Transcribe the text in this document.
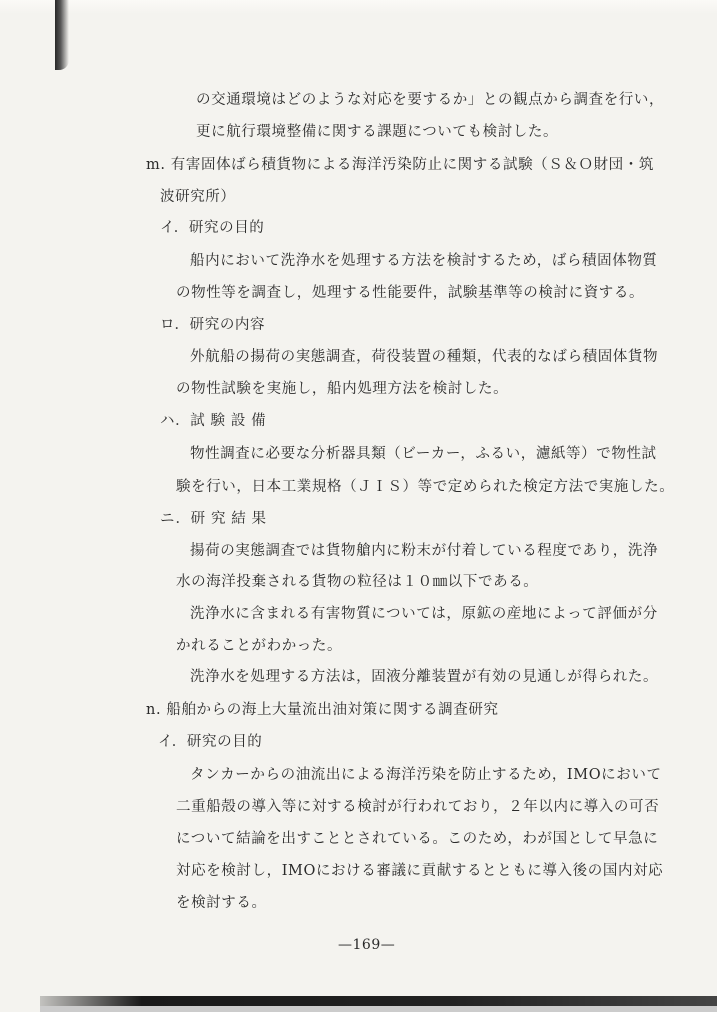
の交通環境はどのような対応を要するか」との観点から調査を行い，
更に航行環境整備に関する課題についても検討した。
m. 有害固体ばら積貨物による海洋汚染防止に関する試験（Ｓ＆Ｏ財団・筑
波研究所）
イ．研究の目的
船内において洗浄水を処理する方法を検討するため，ばら積固体物質
の物性等を調査し，処理する性能要件，試験基準等の検討に資する。
ロ．研究の内容
外航船の揚荷の実態調査，荷役装置の種類，代表的なばら積固体貨物
の物性試験を実施し，船内処理方法を検討した。
ハ．試 験 設 備
物性調査に必要な分析器具類（ビーカー，ふるい，濾紙等）で物性試
験を行い，日本工業規格（ＪＩＳ）等で定められた検定方法で実施した。
ニ．研 究 結 果
揚荷の実態調査では貨物艙内に粉末が付着している程度であり，洗浄
水の海洋投棄される貨物の粒径は１０㎜以下である。
洗浄水に含まれる有害物質については，原鉱の産地によって評価が分
かれることがわかった。
洗浄水を処理する方法は，固液分離装置が有効の見通しが得られた。
n. 船舶からの海上大量流出油対策に関する調査研究
イ．研究の目的
タンカーからの油流出による海洋汚染を防止するため，IMOにおいて
二重船殻の導入等に対する検討が行われており，２年以内に導入の可否
について結論を出すこととされている。このため，わが国として早急に
対応を検討し，IMOにおける審議に貢献するとともに導入後の国内対応
を検討する。
—169—
